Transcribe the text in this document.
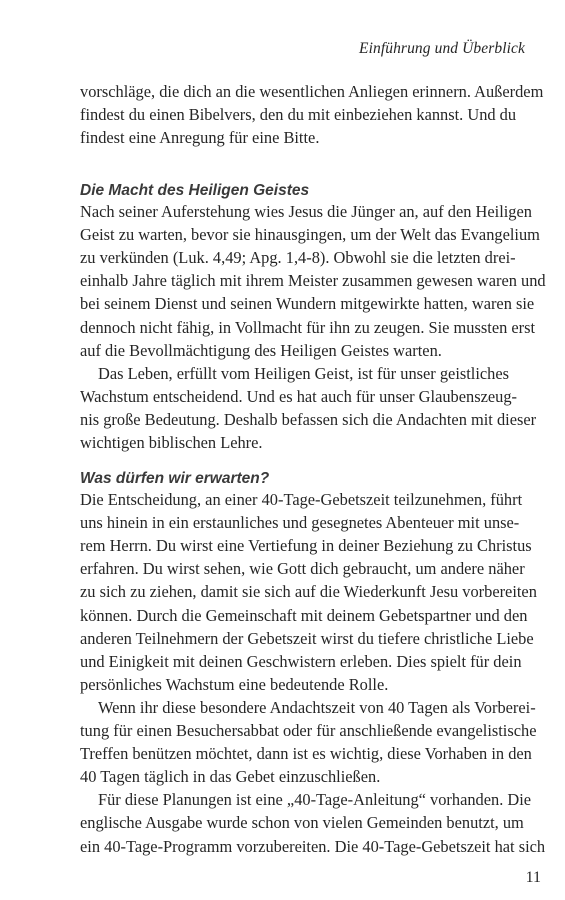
Einführung und Überblick
vorschläge, die dich an die wesentlichen Anliegen erinnern. Außerdem
findest du einen Bibelvers, den du mit einbeziehen kannst. Und du
findest eine Anregung für eine Bitte.
Die Macht des Heiligen Geistes
Nach seiner Auferstehung wies Jesus die Jünger an, auf den Heiligen
Geist zu warten, bevor sie hinausgingen, um der Welt das Evangelium
zu verkünden (Luk. 4,49; Apg. 1,4-8). Obwohl sie die letzten drei-
einhalb Jahre täglich mit ihrem Meister zusammen gewesen waren und
bei seinem Dienst und seinen Wundern mitgewirkte hatten, waren sie
dennoch nicht fähig, in Vollmacht für ihn zu zeugen. Sie mussten erst
auf die Bevollmächtigung des Heiligen Geistes warten.
Das Leben, erfüllt vom Heiligen Geist, ist für unser geistliches
Wachstum entscheidend. Und es hat auch für unser Glaubenszeug-
nis große Bedeutung. Deshalb befassen sich die Andachten mit dieser
wichtigen biblischen Lehre.
Was dürfen wir erwarten?
Die Entscheidung, an einer 40-Tage-Gebetszeit teilzunehmen, führt
uns hinein in ein erstaunliches und gesegnetes Abenteuer mit unse-
rem Herrn. Du wirst eine Vertiefung in deiner Beziehung zu Christus
erfahren. Du wirst sehen, wie Gott dich gebraucht, um andere näher
zu sich zu ziehen, damit sie sich auf die Wiederkunft Jesu vorbereiten
können. Durch die Gemeinschaft mit deinem Gebetspartner und den
anderen Teilnehmern der Gebetszeit wirst du tiefere christliche Liebe
und Einigkeit mit deinen Geschwistern erleben. Dies spielt für dein
persönliches Wachstum eine bedeutende Rolle.
Wenn ihr diese besondere Andachtszeit von 40 Tagen als Vorberei-
tung für einen Besuchersabbat oder für anschließende evangelistische
Treffen benützen möchtet, dann ist es wichtig, diese Vorhaben in den
40 Tagen täglich in das Gebet einzuschließen.
Für diese Planungen ist eine „40-Tage-Anleitung“ vorhanden. Die
englische Ausgabe wurde schon von vielen Gemeinden benutzt, um
ein 40-Tage-Programm vorzubereiten. Die 40-Tage-Gebetszeit hat sich
11
